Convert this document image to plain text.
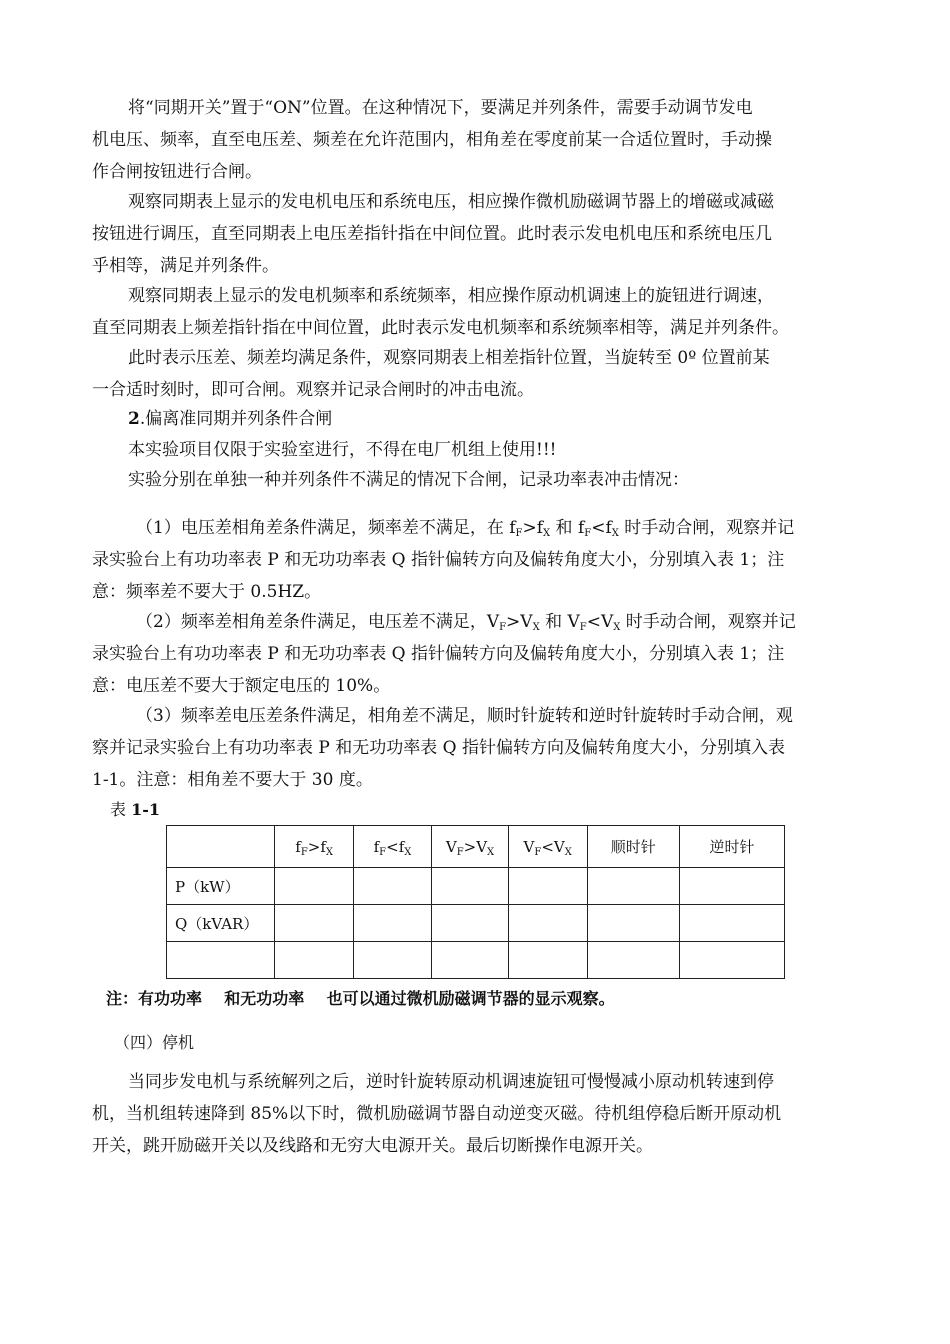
将“同期开关”置于“ON”位置。在这种情况下，要满足并列条件，需要手动调节发电
机电压、频率，直至电压差、频差在允许范围内，相角差在零度前某一合适位置时，手动操
作合闸按钮进行合闸。
观察同期表上显示的发电机电压和系统电压，相应操作微机励磁调节器上的增磁或减磁
按钮进行调压，直至同期表上电压差指针指在中间位置。此时表示发电机电压和系统电压几
乎相等，满足并列条件。
观察同期表上显示的发电机频率和系统频率，相应操作原动机调速上的旋钮进行调速，
直至同期表上频差指针指在中间位置，此时表示发电机频率和系统频率相等，满足并列条件。
此时表示压差、频差均满足条件，观察同期表上相差指针位置，当旋转至 0º 位置前某
一合适时刻时，即可合闸。观察并记录合闸时的冲击电流。
2.偏离准同期并列条件合闸
本实验项目仅限于实验室进行，不得在电厂机组上使用!!!
实验分别在单独一种并列条件不满足的情况下合闸，记录功率表冲击情况：
（1）电压差相角差条件满足，频率差不满足，在 $f_F>f_X$ 和 $f_F<f_X$ 时手动合闸，观察并记
录实验台上有功功率表 P 和无功功率表 Q 指针偏转方向及偏转角度大小，分别填入表 1；注
意：频率差不要大于 0.5HZ。
（2）频率差相角差条件满足，电压差不满足，$V_F>V_X$ 和 $V_F<V_X$ 时手动合闸，观察并记
录实验台上有功功率表 P 和无功功率表 Q 指针偏转方向及偏转角度大小，分别填入表 1；注
意：电压差不要大于额定电压的 10%。
（3）频率差电压差条件满足，相角差不满足，顺时针旋转和逆时针旋转时手动合闸，观
察并记录实验台上有功功率表 P 和无功功率表 Q 指针偏转方向及偏转角度大小，分别填入表
1-1。注意：相角差不要大于 30 度。
表 1-1
	$f_F>f_X$	$f_F<f_X$	$V_F>V_X$	$V_F<V_X$	顺时针	逆时针
P（kW）						
Q（kVAR）						

注：有功功率    和无功功率    也可以通过微机励磁调节器的显示观察。
（四）停机
当同步发电机与系统解列之后，逆时针旋转原动机调速旋钮可慢慢减小原动机转速到停
机，当机组转速降到 85%以下时，微机励磁调节器自动逆变灭磁。待机组停稳后断开原动机
开关，跳开励磁开关以及线路和无穷大电源开关。最后切断操作电源开关。
